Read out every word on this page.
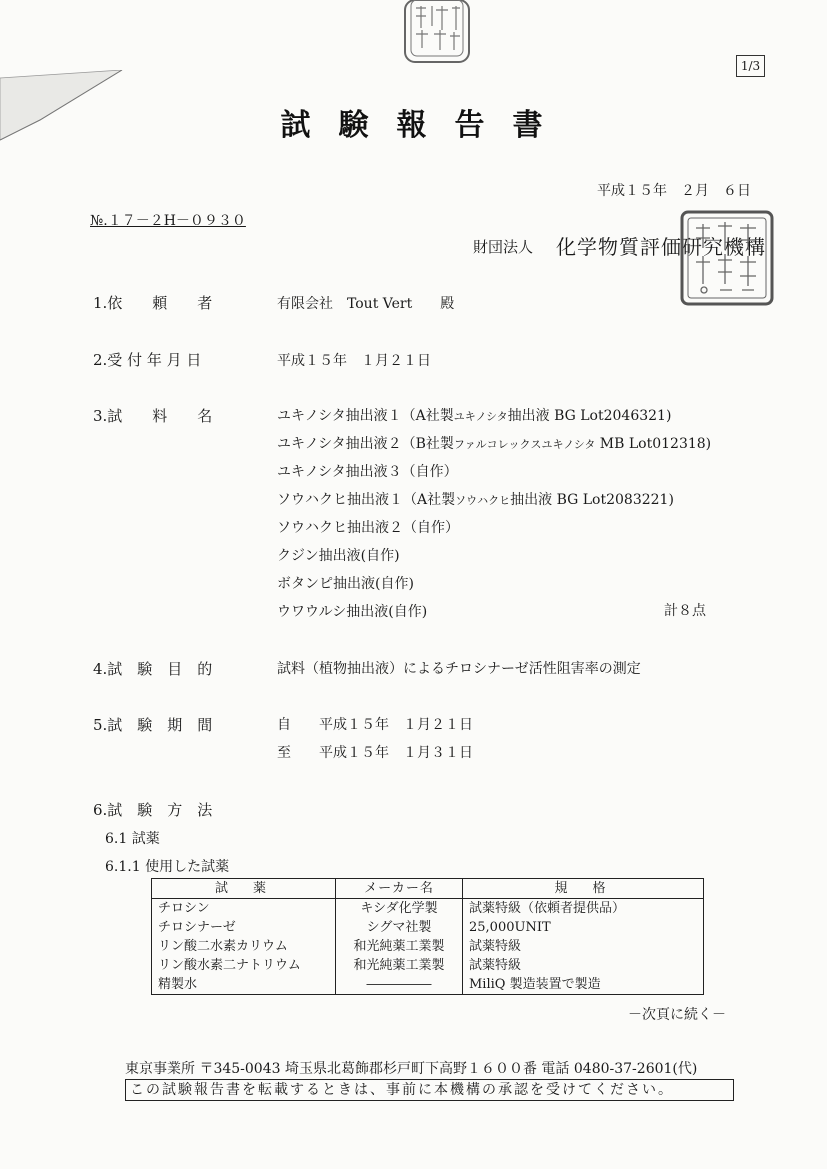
1/3
試験報告書
平成１５年　２月　６日
№.１７－２H－０９３０
財団法人 化学物質評価研究機構
1.依　　頼　　者	有限会社　Tout Vert　　殿
2.受 付 年 月 日	平成１５年　１月２１日
3.試　　料　　名	ユキノシタ抽出液１（A社製ユキノシタ抽出液 BG Lot2046321)
ユキノシタ抽出液２（B社製ファルコレックスユキノシタ MB Lot012318)
ユキノシタ抽出液３（自作）
ソウハクヒ抽出液１（A社製ソウハクヒ抽出液 BG Lot2083221)
ソウハクヒ抽出液２（自作）
クジン抽出液(自作)
ボタンピ抽出液(自作)
ウワウルシ抽出液(自作)	計８点
4.試　験　目　的	試料（植物抽出液）によるチロシナーゼ活性阻害率の測定
5.試　験　期　間	自　　平成１５年　１月２１日
至　　平成１５年　１月３１日
6.試　験　方　法
6.1 試薬
6.1.1 使用した試薬
試　薬	メーカー名	規　格
チロシン	キシダ化学製	試薬特級（依頼者提供品）
チロシナーゼ	シグマ社製	25,000UNIT
リン酸二水素カリウム	和光純薬工業製	試薬特級
リン酸水素二ナトリウム	和光純薬工業製	試薬特級
精製水	―――――	MiliQ 製造装置で製造
－次頁に続く－
東京事業所 〒345-0043 埼玉県北葛飾郡杉戸町下高野１６００番 電話 0480-37-2601(代)
この試験報告書を転載するときは、事前に本機構の承認を受けてください。
